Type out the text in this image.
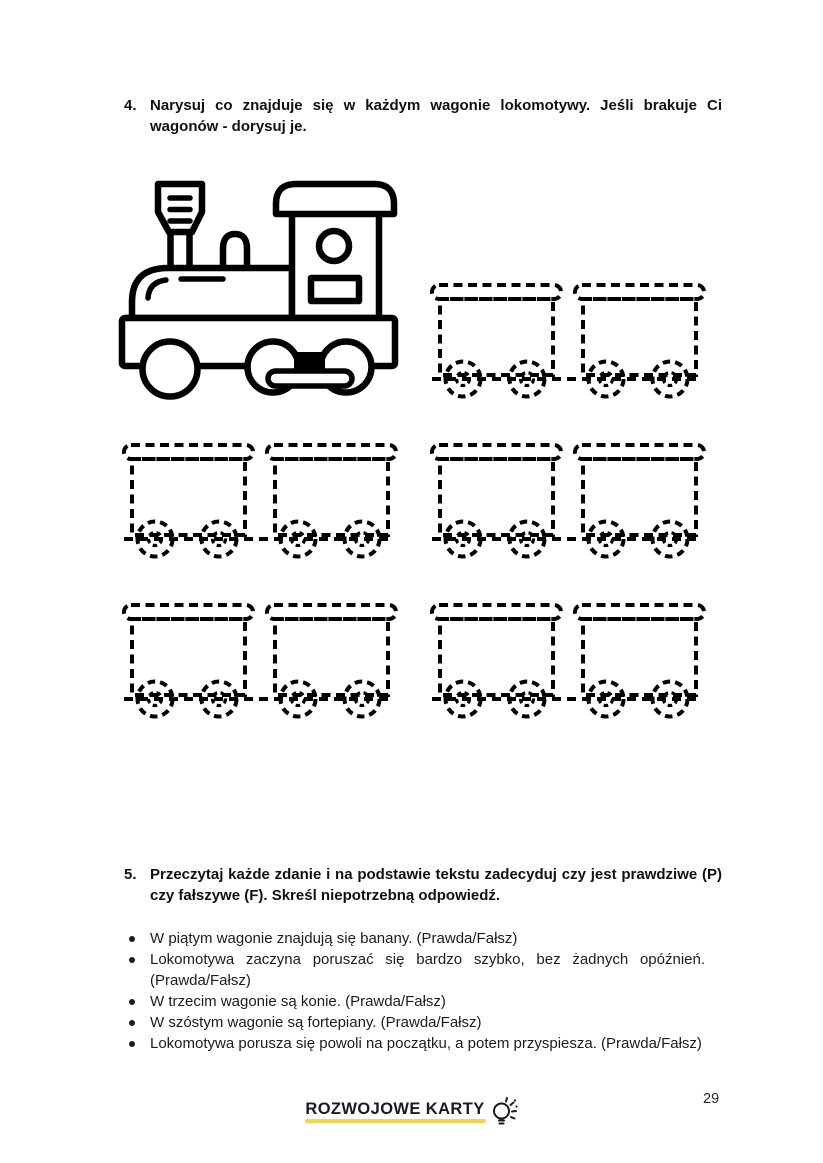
4. Narysuj co znajduje się w każdym wagonie lokomotywy. Jeśli brakuje Ci wagonów - dorysuj je.
5. Przeczytaj każde zdanie i na podstawie tekstu zadecyduj czy jest prawdziwe (P) czy fałszywe (F). Skreśl niepotrzebną odpowiedź.
W piątym wagonie znajdują się banany. (Prawda/Fałsz)
Lokomotywa zaczyna poruszać się bardzo szybko, bez żadnych opóźnień. (Prawda/Fałsz)
W trzecim wagonie są konie. (Prawda/Fałsz)
W szóstym wagonie są fortepiany. (Prawda/Fałsz)
Lokomotywa porusza się powoli na początku, a potem przyspiesza. (Prawda/Fałsz)
ROZWOJOWE KARTY
29
